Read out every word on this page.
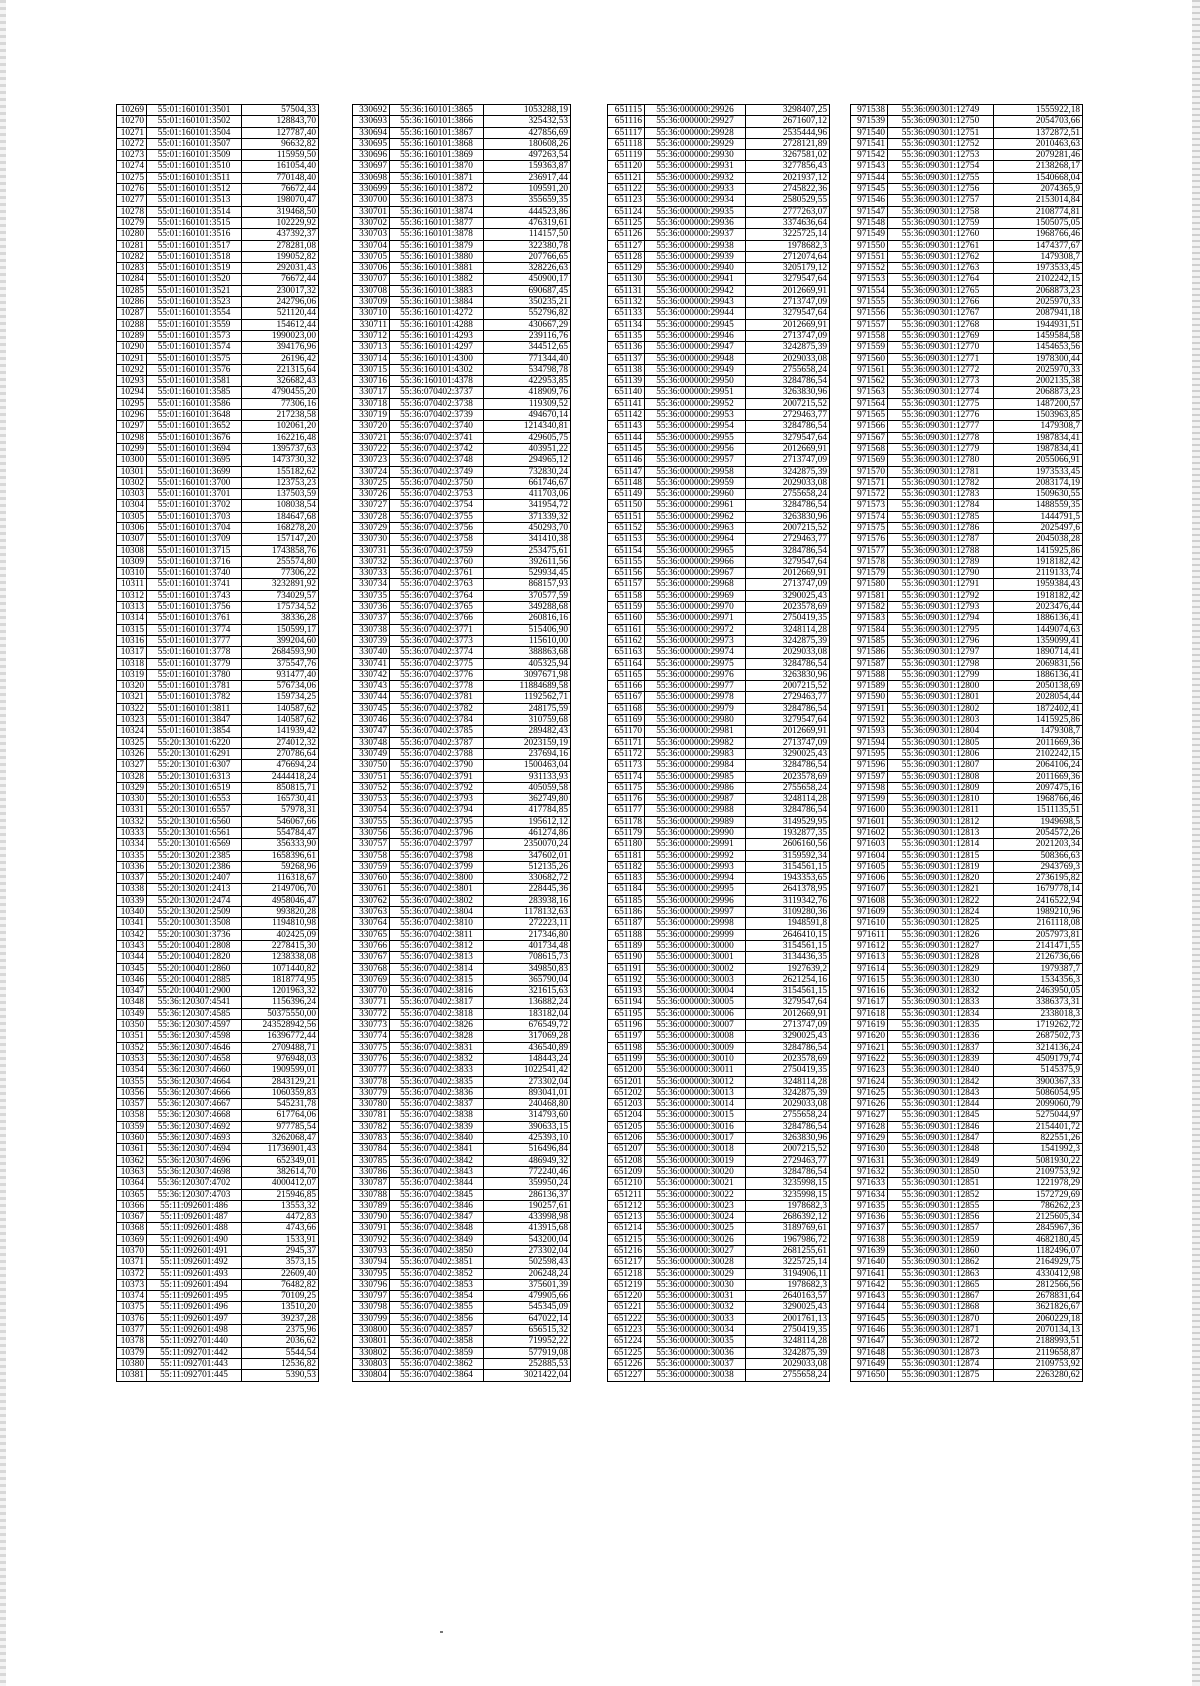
10269	55:01:160101:3501	57504,33
10270	55:01:160101:3502	128843,70
10271	55:01:160101:3504	127787,40
10272	55:01:160101:3507	96632,82
10273	55:01:160101:3509	115959,50
10274	55:01:160101:3510	161054,40
10275	55:01:160101:3511	770148,40
10276	55:01:160101:3512	76672,44
10277	55:01:160101:3513	198070,47
10278	55:01:160101:3514	319468,50
10279	55:01:160101:3515	102229,92
10280	55:01:160101:3516	437392,37
10281	55:01:160101:3517	278281,08
10282	55:01:160101:3518	199052,82
10283	55:01:160101:3519	292031,43
10284	55:01:160101:3520	76672,44
10285	55:01:160101:3521	230017,32
10286	55:01:160101:3523	242796,06
10287	55:01:160101:3554	521120,44
10288	55:01:160101:3559	154612,44
10289	55:01:160101:3573	1990023,00
10290	55:01:160101:3574	394176,96
10291	55:01:160101:3575	26196,42
10292	55:01:160101:3576	221315,64
10293	55:01:160101:3581	326682,43
10294	55:01:160101:3585	4790455,20
10295	55:01:160101:3586	77306,16
10296	55:01:160101:3648	217238,58
10297	55:01:160101:3652	102061,20
10298	55:01:160101:3676	162216,48
10299	55:01:160101:3694	1395737,63
10300	55:01:160101:3695	1473730,32
10301	55:01:160101:3699	155182,62
10302	55:01:160101:3700	123753,23
10303	55:01:160101:3701	137503,59
10304	55:01:160101:3702	108038,54
10305	55:01:160101:3703	184647,68
10306	55:01:160101:3704	168278,20
10307	55:01:160101:3709	157147,20
10308	55:01:160101:3715	1743858,76
10309	55:01:160101:3716	255574,80
10310	55:01:160101:3740	77306,22
10311	55:01:160101:3741	3232891,92
10312	55:01:160101:3743	734029,57
10313	55:01:160101:3756	175734,52
10314	55:01:160101:3761	38336,28
10315	55:01:160101:3774	150599,17
10316	55:01:160101:3777	399204,60
10317	55:01:160101:3778	2684593,90
10318	55:01:160101:3779	375547,76
10319	55:01:160101:3780	931477,40
10320	55:01:160101:3781	576734,06
10321	55:01:160101:3782	159734,25
10322	55:01:160101:3811	140587,62
10323	55:01:160101:3847	140587,62
10324	55:01:160101:3854	141939,42
10325	55:20:130101:6220	274012,32
10326	55:20:130101:6291	270786,64
10327	55:20:130101:6307	476694,24
10328	55:20:130101:6313	2444418,24
10329	55:20:130101:6519	850815,71
10330	55:20:130101:6553	165730,41
10331	55:20:130101:6557	57978,31
10332	55:20:130101:6560	546067,66
10333	55:20:130101:6561	554784,47
10334	55:20:130101:6569	356333,90
10335	55:20:130201:2385	1658396,61
10336	55:20:130201:2386	59268,96
10337	55:20:130201:2407	116318,67
10338	55:20:130201:2413	2149706,70
10339	55:20:130201:2474	4958046,47
10340	55:20:130201:2509	993820,28
10341	55:20:100301:3508	1194810,98
10342	55:20:100301:3736	402425,09
10343	55:20:100401:2808	2278415,30
10344	55:20:100401:2820	1238338,08
10345	55:20:100401:2860	1071440,82
10346	55:20:100401:2885	1818774,95
10347	55:20:100401:2900	1201963,32
10348	55:36:120307:4541	1156396,24
10349	55:36:120307:4585	50375550,00
10350	55:36:120307:4597	243528942,56
10351	55:36:120307:4598	16396772,44
10352	55:36:120307:4646	2709488,71
10353	55:36:120307:4658	976948,03
10354	55:36:120307:4660	1909599,01
10355	55:36:120307:4664	2843129,21
10356	55:36:120307:4666	1060359,83
10357	55:36:120307:4667	545231,78
10358	55:36:120307:4668	617764,06
10359	55:36:120307:4692	977785,54
10360	55:36:120307:4693	3262068,47
10361	55:36:120307:4694	11736901,43
10362	55:36:120307:4696	652349,01
10363	55:36:120307:4698	382614,70
10364	55:36:120307:4702	4000412,07
10365	55:36:120307:4703	215946,85
10366	55:11:092601:486	13553,32
10367	55:11:092601:487	4472,83
10368	55:11:092601:488	4743,66
10369	55:11:092601:490	1533,91
10370	55:11:092601:491	2945,37
10371	55:11:092601:492	3573,15
10372	55:11:092601:493	22609,40
10373	55:11:092601:494	76482,82
10374	55:11:092601:495	70109,25
10375	55:11:092601:496	13510,20
10376	55:11:092601:497	39237,28
10377	55:11:092601:498	2375,96
10378	55:11:092701:440	2036,62
10379	55:11:092701:442	5544,54
10380	55:11:092701:443	12536,82
10381	55:11:092701:445	5390,53
330692	55:36:160101:3865	1053288,19
330693	55:36:160101:3866	325432,53
330694	55:36:160101:3867	427856,69
330695	55:36:160101:3868	180608,26
330696	55:36:160101:3869	497263,54
330697	55:36:160101:3870	159363,87
330698	55:36:160101:3871	236917,44
330699	55:36:160101:3872	109591,20
330700	55:36:160101:3873	355659,35
330701	55:36:160101:3874	444523,86
330702	55:36:160101:3877	476319,61
330703	55:36:160101:3878	114157,50
330704	55:36:160101:3879	322380,78
330705	55:36:160101:3880	207766,65
330706	55:36:160101:3881	328226,63
330707	55:36:160101:3882	450900,17
330708	55:36:160101:3883	690687,45
330709	55:36:160101:3884	350235,21
330710	55:36:160101:4272	552796,82
330711	55:36:160101:4288	430667,29
330712	55:36:160101:4293	239116,76
330713	55:36:160101:4297	344512,65
330714	55:36:160101:4300	771344,40
330715	55:36:160101:4302	534798,78
330716	55:36:160101:4378	422953,85
330717	55:36:070402:3737	418909,76
330718	55:36:070402:3738	119309,52
330719	55:36:070402:3739	494670,14
330720	55:36:070402:3740	1214340,81
330721	55:36:070402:3741	429605,75
330722	55:36:070402:3742	403951,22
330723	55:36:070402:3748	294965,12
330724	55:36:070402:3749	732830,24
330725	55:36:070402:3750	661746,67
330726	55:36:070402:3753	411703,06
330727	55:36:070402:3754	341954,72
330728	55:36:070402:3755	371339,32
330729	55:36:070402:3756	450293,70
330730	55:36:070402:3758	341410,38
330731	55:36:070402:3759	253475,61
330732	55:36:070402:3760	392611,56
330733	55:36:070402:3761	529934,45
330734	55:36:070402:3763	868157,93
330735	55:36:070402:3764	370577,59
330736	55:36:070402:3765	349288,68
330737	55:36:070402:3766	260816,16
330738	55:36:070402:3771	515406,90
330739	55:36:070402:3773	115610,00
330740	55:36:070402:3774	388863,68
330741	55:36:070402:3775	405325,94
330742	55:36:070402:3776	3097671,98
330743	55:36:070402:3778	11884689,58
330744	55:36:070402:3781	1192562,71
330745	55:36:070402:3782	248175,59
330746	55:36:070402:3784	310759,68
330747	55:36:070402:3785	289482,43
330748	55:36:070402:3787	2023159,19
330749	55:36:070402:3788	237694,16
330750	55:36:070402:3790	1500463,04
330751	55:36:070402:3791	931133,93
330752	55:36:070402:3792	405059,58
330753	55:36:070402:3793	362749,80
330754	55:36:070402:3794	417784,85
330755	55:36:070402:3795	195612,12
330756	55:36:070402:3796	461274,86
330757	55:36:070402:3797	2350070,24
330758	55:36:070402:3798	347602,01
330759	55:36:070402:3799	512135,26
330760	55:36:070402:3800	330682,72
330761	55:36:070402:3801	228445,36
330762	55:36:070402:3802	283938,16
330763	55:36:070402:3804	1178132,63
330764	55:36:070402:3810	272223,11
330765	55:36:070402:3811	217346,80
330766	55:36:070402:3812	401734,48
330767	55:36:070402:3813	708615,73
330768	55:36:070402:3814	349850,83
330769	55:36:070402:3815	365790,04
330770	55:36:070402:3816	321615,63
330771	55:36:070402:3817	136882,24
330772	55:36:070402:3818	183182,04
330773	55:36:070402:3826	676549,72
330774	55:36:070402:3828	317069,28
330775	55:36:070402:3831	436540,89
330776	55:36:070402:3832	148443,24
330777	55:36:070402:3833	1022541,42
330778	55:36:070402:3835	273302,04
330779	55:36:070402:3836	893041,01
330780	55:36:070402:3837	240468,80
330781	55:36:070402:3838	314793,60
330782	55:36:070402:3839	390633,15
330783	55:36:070402:3840	425393,10
330784	55:36:070402:3841	516496,84
330785	55:36:070402:3842	486949,32
330786	55:36:070402:3843	772240,46
330787	55:36:070402:3844	359950,24
330788	55:36:070402:3845	286136,37
330789	55:36:070402:3846	190257,61
330790	55:36:070402:3847	433998,98
330791	55:36:070402:3848	413915,68
330792	55:36:070402:3849	543200,04
330793	55:36:070402:3850	273302,04
330794	55:36:070402:3851	502598,43
330795	55:36:070402:3852	206248,24
330796	55:36:070402:3853	375601,39
330797	55:36:070402:3854	479905,66
330798	55:36:070402:3855	545345,09
330799	55:36:070402:3856	647022,14
330800	55:36:070402:3857	656515,32
330801	55:36:070402:3858	719952,22
330802	55:36:070402:3859	577919,08
330803	55:36:070402:3862	252885,53
330804	55:36:070402:3864	3021422,04
651115	55:36:000000:29926	3298407,25
651116	55:36:000000:29927	2671607,12
651117	55:36:000000:29928	2535444,96
651118	55:36:000000:29929	2728121,89
651119	55:36:000000:29930	3267581,02
651120	55:36:000000:29931	3277856,43
651121	55:36:000000:29932	2021937,12
651122	55:36:000000:29933	2745822,36
651123	55:36:000000:29934	2580529,55
651124	55:36:000000:29935	2777263,07
651125	55:36:000000:29936	3374636,64
651126	55:36:000000:29937	3225725,14
651127	55:36:000000:29938	1978682,3
651128	55:36:000000:29939	2712074,64
651129	55:36:000000:29940	3205179,12
651130	55:36:000000:29941	3279547,64
651131	55:36:000000:29942	2012669,91
651132	55:36:000000:29943	2713747,09
651133	55:36:000000:29944	3279547,64
651134	55:36:000000:29945	2012669,91
651135	55:36:000000:29946	2713747,09
651136	55:36:000000:29947	3242875,39
651137	55:36:000000:29948	2029033,08
651138	55:36:000000:29949	2755658,24
651139	55:36:000000:29950	3284786,54
651140	55:36:000000:29951	3263830,96
651141	55:36:000000:29952	2007215,52
651142	55:36:000000:29953	2729463,77
651143	55:36:000000:29954	3284786,54
651144	55:36:000000:29955	3279547,64
651145	55:36:000000:29956	2012669,91
651146	55:36:000000:29957	2713747,09
651147	55:36:000000:29958	3242875,39
651148	55:36:000000:29959	2029033,08
651149	55:36:000000:29960	2755658,24
651150	55:36:000000:29961	3284786,54
651151	55:36:000000:29962	3263830,96
651152	55:36:000000:29963	2007215,52
651153	55:36:000000:29964	2729463,77
651154	55:36:000000:29965	3284786,54
651155	55:36:000000:29966	3279547,64
651156	55:36:000000:29967	2012669,91
651157	55:36:000000:29968	2713747,09
651158	55:36:000000:29969	3290025,43
651159	55:36:000000:29970	2023578,69
651160	55:36:000000:29971	2750419,35
651161	55:36:000000:29972	3248114,28
651162	55:36:000000:29973	3242875,39
651163	55:36:000000:29974	2029033,08
651164	55:36:000000:29975	3284786,54
651165	55:36:000000:29976	3263830,96
651166	55:36:000000:29977	2007215,52
651167	55:36:000000:29978	2729463,77
651168	55:36:000000:29979	3284786,54
651169	55:36:000000:29980	3279547,64
651170	55:36:000000:29981	2012669,91
651171	55:36:000000:29982	2713747,09
651172	55:36:000000:29983	3290025,43
651173	55:36:000000:29984	3284786,54
651174	55:36:000000:29985	2023578,69
651175	55:36:000000:29986	2755658,24
651176	55:36:000000:29987	3248114,28
651177	55:36:000000:29988	3284786,54
651178	55:36:000000:29989	3149529,95
651179	55:36:000000:29990	1932877,35
651180	55:36:000000:29991	2606160,56
651181	55:36:000000:29992	3159592,34
651182	55:36:000000:29993	3154561,15
651183	55:36:000000:29994	1943353,65
651184	55:36:000000:29995	2641378,95
651185	55:36:000000:29996	3119342,76
651186	55:36:000000:29997	3109280,36
651187	55:36:000000:29998	1948591,8
651188	55:36:000000:29999	2646410,15
651189	55:36:000000:30000	3154561,15
651190	55:36:000000:30001	3134436,35
651191	55:36:000000:30002	1927639,2
651192	55:36:000000:30003	2621254,16
651193	55:36:000000:30004	3154561,15
651194	55:36:000000:30005	3279547,64
651195	55:36:000000:30006	2012669,91
651196	55:36:000000:30007	2713747,09
651197	55:36:000000:30008	3290025,43
651198	55:36:000000:30009	3284786,54
651199	55:36:000000:30010	2023578,69
651200	55:36:000000:30011	2750419,35
651201	55:36:000000:30012	3248114,28
651202	55:36:000000:30013	3242875,39
651203	55:36:000000:30014	2029033,08
651204	55:36:000000:30015	2755658,24
651205	55:36:000000:30016	3284786,54
651206	55:36:000000:30017	3263830,96
651207	55:36:000000:30018	2007215,52
651208	55:36:000000:30019	2729463,77
651209	55:36:000000:30020	3284786,54
651210	55:36:000000:30021	3235998,15
651211	55:36:000000:30022	3235998,15
651212	55:36:000000:30023	1978682,3
651213	55:36:000000:30024	2686392,12
651214	55:36:000000:30025	3189769,61
651215	55:36:000000:30026	1967986,72
651216	55:36:000000:30027	2681255,61
651217	55:36:000000:30028	3225725,14
651218	55:36:000000:30029	3194906,11
651219	55:36:000000:30030	1978682,3
651220	55:36:000000:30031	2640163,57
651221	55:36:000000:30032	3290025,43
651222	55:36:000000:30033	2001761,13
651223	55:36:000000:30034	2750419,35
651224	55:36:000000:30035	3248114,28
651225	55:36:000000:30036	3242875,39
651226	55:36:000000:30037	2029033,08
651227	55:36:000000:30038	2755658,24
971538	55:36:090301:12749	1555922,18
971539	55:36:090301:12750	2054703,66
971540	55:36:090301:12751	1372872,51
971541	55:36:090301:12752	2010463,63
971542	55:36:090301:12753	2079281,46
971543	55:36:090301:12754	2138268,17
971544	55:36:090301:12755	1540668,04
971545	55:36:090301:12756	2074365,9
971546	55:36:090301:12757	2153014,84
971547	55:36:090301:12758	2108774,81
971548	55:36:090301:12759	1505075,05
971549	55:36:090301:12760	1968766,46
971550	55:36:090301:12761	1474377,67
971551	55:36:090301:12762	1479308,7
971552	55:36:090301:12763	1973533,45
971553	55:36:090301:12764	2102242,15
971554	55:36:090301:12765	2068873,23
971555	55:36:090301:12766	2025970,33
971556	55:36:090301:12767	2087941,18
971557	55:36:090301:12768	1944931,51
971558	55:36:090301:12769	1459584,58
971559	55:36:090301:12770	1454653,56
971560	55:36:090301:12771	1978300,44
971561	55:36:090301:12772	2025970,33
971562	55:36:090301:12773	2002135,38
971563	55:36:090301:12774	2068873,23
971564	55:36:090301:12775	1487200,57
971565	55:36:090301:12776	1503963,85
971566	55:36:090301:12777	1479308,7
971567	55:36:090301:12778	1987834,41
971568	55:36:090301:12779	1987834,41
971569	55:36:090301:12780	2055066,91
971570	55:36:090301:12781	1973533,45
971571	55:36:090301:12782	2083174,19
971572	55:36:090301:12783	1509630,55
971573	55:36:090301:12784	1488559,35
971574	55:36:090301:12785	1444791,5
971575	55:36:090301:12786	2025497,6
971576	55:36:090301:12787	2045038,28
971577	55:36:090301:12788	1415925,86
971578	55:36:090301:12789	1918182,42
971579	55:36:090301:12790	2119133,74
971580	55:36:090301:12791	1959384,43
971581	55:36:090301:12792	1918182,42
971582	55:36:090301:12793	2023476,44
971583	55:36:090301:12794	1886136,41
971584	55:36:090301:12795	1449074,63
971585	55:36:090301:12796	1359099,41
971586	55:36:090301:12797	1890714,41
971587	55:36:090301:12798	2069831,56
971588	55:36:090301:12799	1886136,41
971589	55:36:090301:12800	2050138,69
971590	55:36:090301:12801	2028054,44
971591	55:36:090301:12802	1872402,41
971592	55:36:090301:12803	1415925,86
971593	55:36:090301:12804	1479308,7
971594	55:36:090301:12805	2011669,36
971595	55:36:090301:12806	2102242,15
971596	55:36:090301:12807	2064106,24
971597	55:36:090301:12808	2011669,36
971598	55:36:090301:12809	2097475,16
971599	55:36:090301:12810	1968766,46
971600	55:36:090301:12811	1511135,51
971601	55:36:090301:12812	1949698,5
971602	55:36:090301:12813	2054572,26
971603	55:36:090301:12814	2021203,34
971604	55:36:090301:12815	508366,63
971605	55:36:090301:12819	2943769,3
971606	55:36:090301:12820	2736195,82
971607	55:36:090301:12821	1679778,14
971608	55:36:090301:12822	2416522,94
971609	55:36:090301:12824	1989210,96
971610	55:36:090301:12825	2161118,08
971611	55:36:090301:12826	2057973,81
971612	55:36:090301:12827	2141471,55
971613	55:36:090301:12828	2126736,66
971614	55:36:090301:12829	1979387,7
971615	55:36:090301:12830	1534356,3
971616	55:36:090301:12832	2463950,05
971617	55:36:090301:12833	3386373,31
971618	55:36:090301:12834	2338018,3
971619	55:36:090301:12835	1719262,72
971620	55:36:090301:12836	2687502,73
971621	55:36:090301:12837	3214136,24
971622	55:36:090301:12839	4509179,74
971623	55:36:090301:12840	5145375,9
971624	55:36:090301:12842	3900367,33
971625	55:36:090301:12843	5086054,95
971626	55:36:090301:12844	2099060,79
971627	55:36:090301:12845	5275044,97
971628	55:36:090301:12846	2154401,72
971629	55:36:090301:12847	822551,26
971630	55:36:090301:12848	1541992,3
971631	55:36:090301:12849	5081930,22
971632	55:36:090301:12850	2109753,92
971633	55:36:090301:12851	1221978,29
971634	55:36:090301:12852	1572729,69
971635	55:36:090301:12855	786262,23
971636	55:36:090301:12856	2125605,34
971637	55:36:090301:12857	2845967,36
971638	55:36:090301:12859	4682180,45
971639	55:36:090301:12860	1182496,07
971640	55:36:090301:12862	2164929,75
971641	55:36:090301:12863	4330412,98
971642	55:36:090301:12865	2812566,56
971643	55:36:090301:12867	2678831,64
971644	55:36:090301:12868	3621826,67
971645	55:36:090301:12870	2060229,18
971646	55:36:090301:12871	2070134,13
971647	55:36:090301:12872	2188993,51
971648	55:36:090301:12873	2119658,87
971649	55:36:090301:12874	2109753,92
971650	55:36:090301:12875	2263280,62
